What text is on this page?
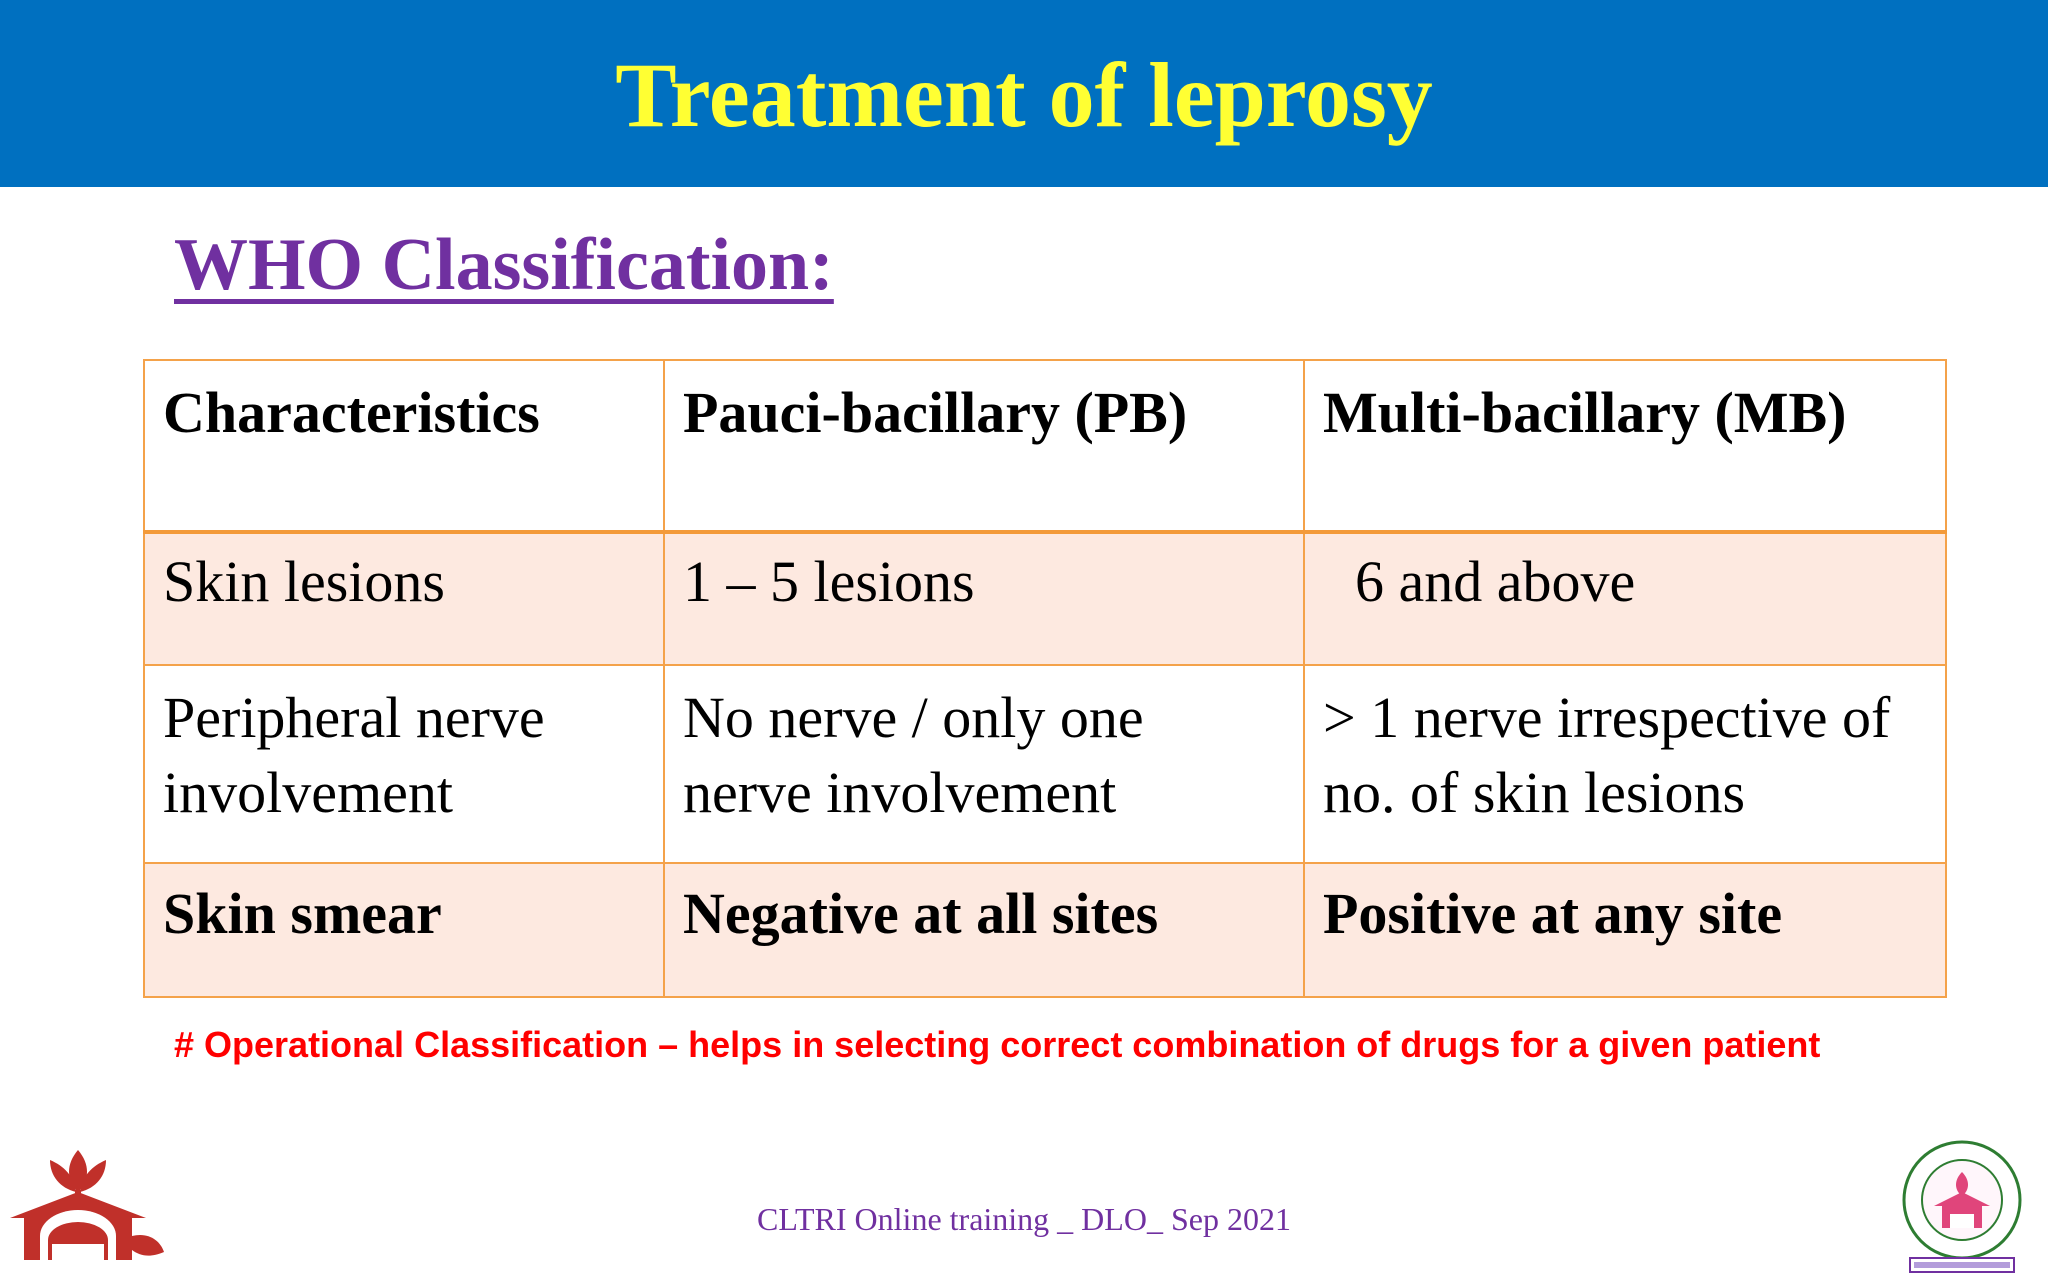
Treatment of leprosy
WHO Classification:
Characteristics	Pauci-bacillary (PB)	Multi-bacillary (MB)
Skin lesions	1 – 5 lesions	6 and above
Peripheral nerve involvement	No nerve / only one nerve involvement	> 1 nerve irrespective of no. of skin lesions
Skin smear	Negative at all sites	Positive at any site
# Operational Classification – helps in selecting correct combination of drugs for a given patient
CLTRI Online training _ DLO_ Sep 2021
